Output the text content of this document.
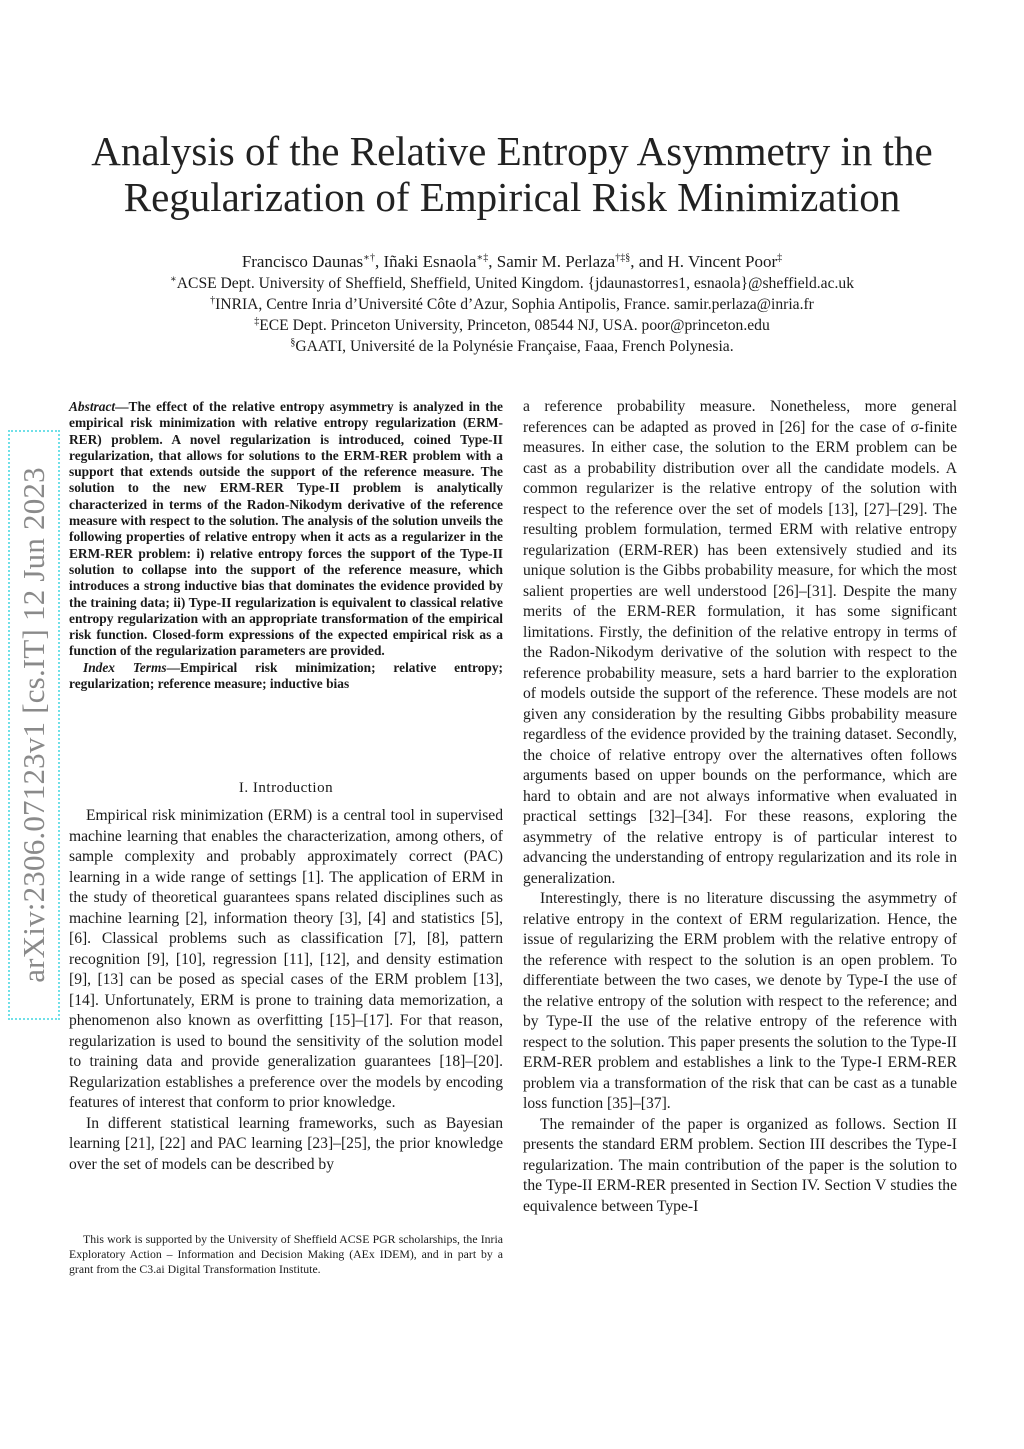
arXiv:2306.07123v1 [cs.IT] 12 Jun 2023
Analysis of the Relative Entropy Asymmetry in the Regularization of Empirical Risk Minimization
Francisco Daunas∗†, Iñaki Esnaola∗‡, Samir M. Perlaza†‡§, and H. Vincent Poor‡
∗ACSE Dept. University of Sheffield, Sheffield, United Kingdom. {jdaunastorres1, esnaola}@sheffield.ac.uk
†INRIA, Centre Inria d’Université Côte d’Azur, Sophia Antipolis, France. samir.perlaza@inria.fr
‡ECE Dept. Princeton University, Princeton, 08544 NJ, USA. poor@princeton.edu
§GAATI, Université de la Polynésie Française, Faaa, French Polynesia.

Abstract—The effect of the relative entropy asymmetry is analyzed in the empirical risk minimization with relative entropy regularization (ERM-RER) problem. A novel regularization is introduced, coined Type-II regularization, that allows for solutions to the ERM-RER problem with a support that extends outside the support of the reference measure. The solution to the new ERM-RER Type-II problem is analytically characterized in terms of the Radon-Nikodym derivative of the reference measure with respect to the solution. The analysis of the solution unveils the following properties of relative entropy when it acts as a regularizer in the ERM-RER problem: i) relative entropy forces the support of the Type-II solution to collapse into the support of the reference measure, which introduces a strong inductive bias that dominates the evidence provided by the training data; ii) Type-II regularization is equivalent to classical relative entropy regularization with an appropriate transformation of the empirical risk function. Closed-form expressions of the expected empirical risk as a function of the regularization parameters are provided.

Index Terms—Empirical risk minimization; relative entropy; regularization; reference measure; inductive bias

I. Introduction

Empirical risk minimization (ERM) is a central tool in supervised machine learning that enables the characterization, among others, of sample complexity and probably approximately correct (PAC) learning in a wide range of settings [1]. The application of ERM in the study of theoretical guarantees spans related disciplines such as machine learning [2], information theory [3], [4] and statistics [5], [6]. Classical problems such as classification [7], [8], pattern recognition [9], [10], regression [11], [12], and density estimation [9], [13] can be posed as special cases of the ERM problem [13], [14]. Unfortunately, ERM is prone to training data memorization, a phenomenon also known as overfitting [15]–[17]. For that reason, regularization is used to bound the sensitivity of the solution model to training data and provide generalization guarantees [18]–[20]. Regularization establishes a preference over the models by encoding features of interest that conform to prior knowledge.

In different statistical learning frameworks, such as Bayesian learning [21], [22] and PAC learning [23]–[25], the prior knowledge over the set of models can be described by

This work is supported by the University of Sheffield ACSE PGR scholarships, the Inria Exploratory Action – Information and Decision Making (AEx IDEM), and in part by a grant from the C3.ai Digital Transformation Institute.

a reference probability measure. Nonetheless, more general references can be adapted as proved in [26] for the case of σ-finite measures. In either case, the solution to the ERM problem can be cast as a probability distribution over all the candidate models. A common regularizer is the relative entropy of the solution with respect to the reference over the set of models [13], [27]–[29]. The resulting problem formulation, termed ERM with relative entropy regularization (ERM-RER) has been extensively studied and its unique solution is the Gibbs probability measure, for which the most salient properties are well understood [26]–[31]. Despite the many merits of the ERM-RER formulation, it has some significant limitations. Firstly, the definition of the relative entropy in terms of the Radon-Nikodym derivative of the solution with respect to the reference probability measure, sets a hard barrier to the exploration of models outside the support of the reference. These models are not given any consideration by the resulting Gibbs probability measure regardless of the evidence provided by the training dataset. Secondly, the choice of relative entropy over the alternatives often follows arguments based on upper bounds on the performance, which are hard to obtain and are not always informative when evaluated in practical settings [32]–[34]. For these reasons, exploring the asymmetry of the relative entropy is of particular interest to advancing the understanding of entropy regularization and its role in generalization.

Interestingly, there is no literature discussing the asymmetry of relative entropy in the context of ERM regularization. Hence, the issue of regularizing the ERM problem with the relative entropy of the reference with respect to the solution is an open problem. To differentiate between the two cases, we denote by Type-I the use of the relative entropy of the solution with respect to the reference; and by Type-II the use of the relative entropy of the reference with respect to the solution. This paper presents the solution to the Type-II ERM-RER problem and establishes a link to the Type-I ERM-RER problem via a transformation of the risk that can be cast as a tunable loss function [35]–[37].

The remainder of the paper is organized as follows. Section II presents the standard ERM problem. Section III describes the Type-I regularization. The main contribution of the paper is the solution to the Type-II ERM-RER presented in Section IV. Section V studies the equivalence between Type-I
